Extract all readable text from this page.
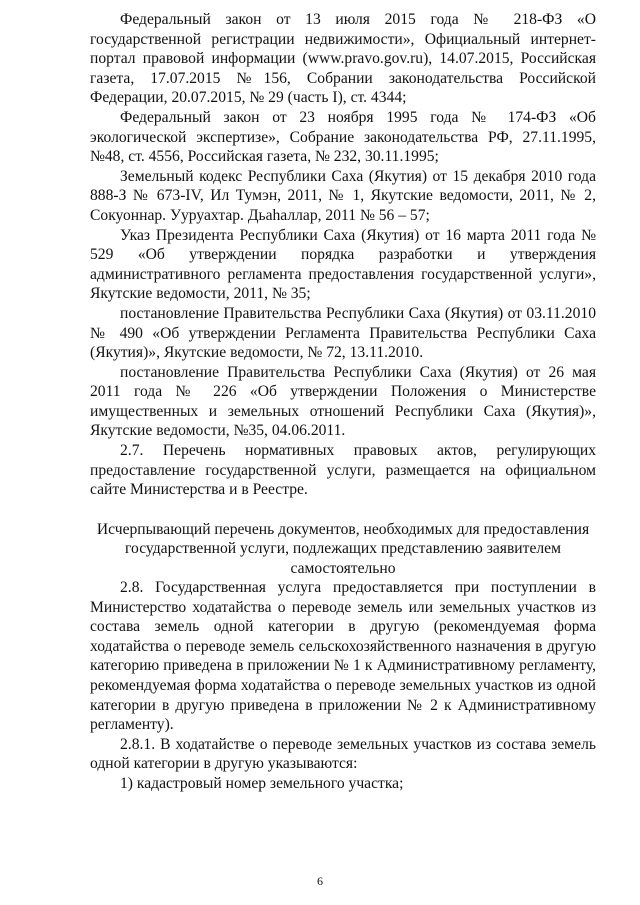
Федеральный закон от 13 июля 2015 года № 218-ФЗ «О государственной регистрации недвижимости», Официальный интернет-портал правовой информации (www.pravo.gov.ru), 14.07.2015, Российская газета, 17.07.2015 №156, Собрании законодательства Российской Федерации, 20.07.2015, № 29 (часть I), ст. 4344;

Федеральный закон от 23 ноября 1995 года № 174-ФЗ «Об экологической экспертизе», Собрание законодательства РФ, 27.11.1995, №48, ст. 4556, Российская газета, № 232, 30.11.1995;

Земельный кодекс Республики Саха (Якутия) от 15 декабря 2010 года 888-З № 673-IV, Ил Тумэн, 2011, № 1, Якутские ведомости, 2011, № 2, Сокуоннар. Ууруахтар. Дьаhаллар, 2011 № 56 – 57;

Указ Президента Республики Саха (Якутия) от 16 марта 2011 года № 529 «Об утверждении порядка разработки и утверждения административного регламента предоставления государственной услуги», Якутские ведомости, 2011, № 35;

постановление Правительства Республики Саха (Якутия) от 03.11.2010 № 490 «Об утверждении Регламента Правительства Республики Саха (Якутия)», Якутские ведомости, № 72, 13.11.2010.

постановление Правительства Республики Саха (Якутия) от 26 мая 2011 года № 226 «Об утверждении Положения о Министерстве имущественных и земельных отношений Республики Саха (Якутия)», Якутские ведомости, №35, 04.06.2011.

2.7. Перечень нормативных правовых актов, регулирующих предоставление государственной услуги, размещается на официальном сайте Министерства и в Реестре.

Исчерпывающий перечень документов, необходимых для предоставления государственной услуги, подлежащих представлению заявителем самостоятельно

2.8. Государственная услуга предоставляется при поступлении в Министерство ходатайства о переводе земель или земельных участков из состава земель одной категории в другую (рекомендуемая форма ходатайства о переводе земель сельскохозяйственного назначения в другую категорию приведена в приложении № 1 к Административному регламенту, рекомендуемая форма ходатайства о переводе земельных участков из одной категории в другую приведена в приложении № 2 к Административному регламенту).

2.8.1. В ходатайстве о переводе земельных участков из состава земель одной категории в другую указываются:

1) кадастровый номер земельного участка;

6
